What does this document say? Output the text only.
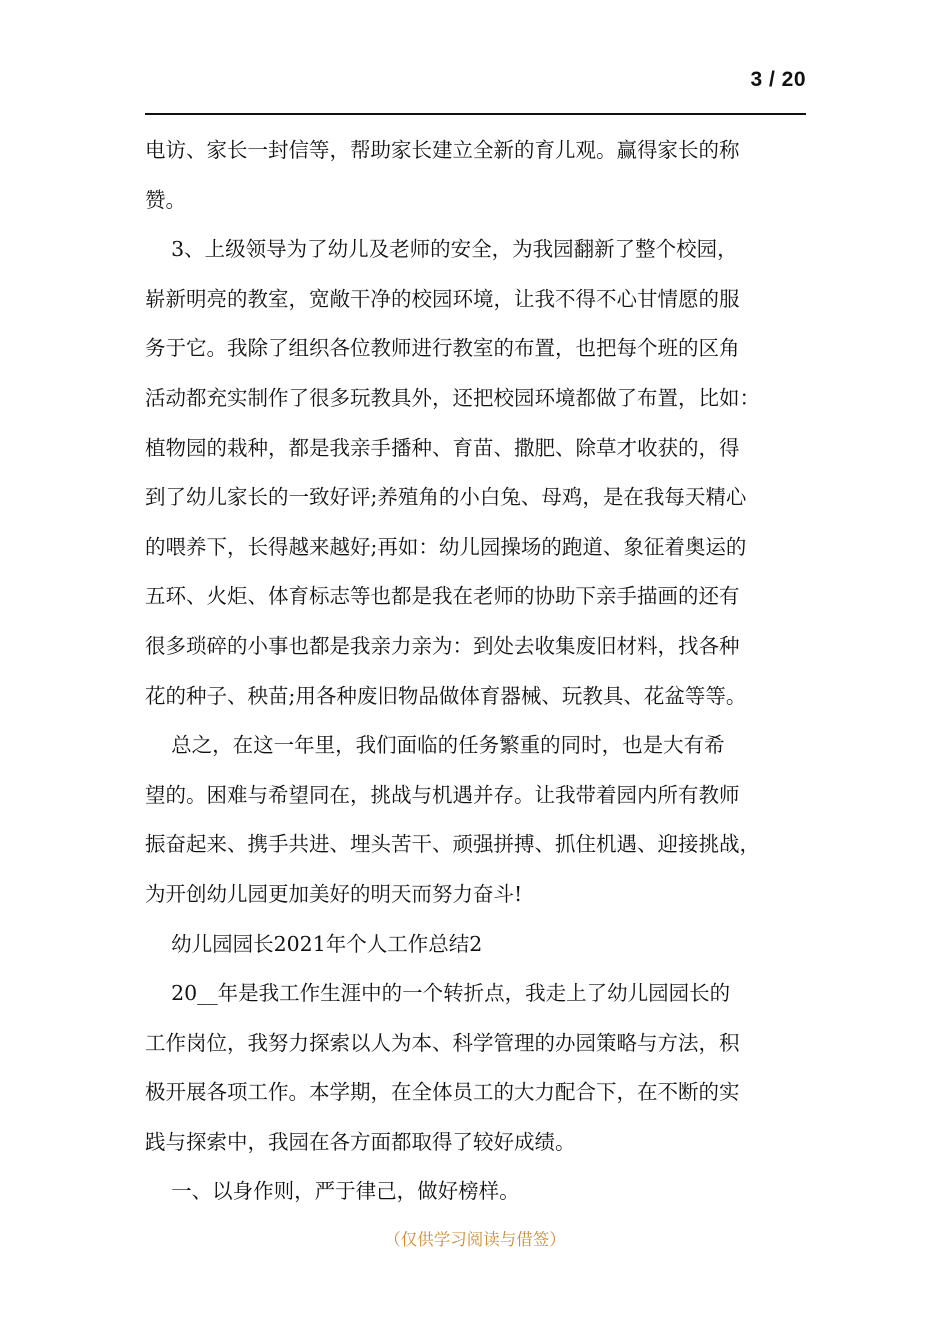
3 / 20

电访、家长一封信等，帮助家长建立全新的育儿观。赢得家长的称

赞。

3、上级领导为了幼儿及老师的安全，为我园翻新了整个校园，

崭新明亮的教室，宽敞干净的校园环境，让我不得不心甘情愿的服

务于它。我除了组织各位教师进行教室的布置，也把每个班的区角

活动都充实制作了很多玩教具外，还把校园环境都做了布置，比如：

植物园的栽种，都是我亲手播种、育苗、撒肥、除草才收获的，得

到了幼儿家长的一致好评;养殖角的小白兔、母鸡，是在我每天精心

的喂养下，长得越来越好;再如：幼儿园操场的跑道、象征着奥运的

五环、火炬、体育标志等也都是我在老师的协助下亲手描画的还有

很多琐碎的小事也都是我亲力亲为：到处去收集废旧材料，找各种

花的种子、秧苗;用各种废旧物品做体育器械、玩教具、花盆等等。

总之，在这一年里，我们面临的任务繁重的同时，也是大有希

望的。困难与希望同在，挑战与机遇并存。让我带着园内所有教师

振奋起来、携手共进、埋头苦干、顽强拼搏、抓住机遇、迎接挑战，

为开创幼儿园更加美好的明天而努力奋斗!

幼儿园园长2021年个人工作总结2

20__年是我工作生涯中的一个转折点，我走上了幼儿园园长的

工作岗位，我努力探索以人为本、科学管理的办园策略与方法，积

极开展各项工作。本学期，在全体员工的大力配合下，在不断的实

践与探索中，我园在各方面都取得了较好成绩。

一、以身作则，严于律己，做好榜样。

（仅供学习阅读与借签）
